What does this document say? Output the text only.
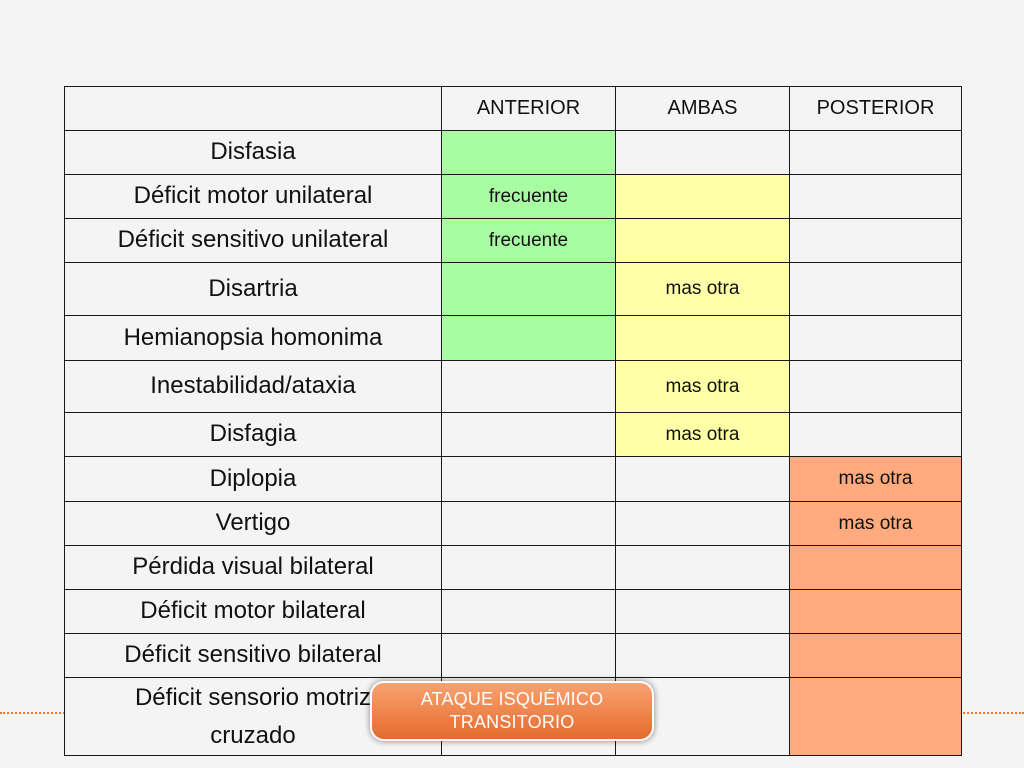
	ANTERIOR	AMBAS	POSTERIOR
Disfasia			
Déficit motor unilateral	frecuente		
Déficit sensitivo unilateral	frecuente		
Disartria		mas otra	
Hemianopsia homonima			
Inestabilidad/ataxia		mas otra	
Disfagia		mas otra	
Diplopia			mas otra
Vertigo			mas otra
Pérdida visual bilateral			
Déficit motor bilateral			
Déficit sensitivo bilateral			
Déficit sensorio motriz
cruzado			
ATAQUE ISQUÉMICO
TRANSITORIO
